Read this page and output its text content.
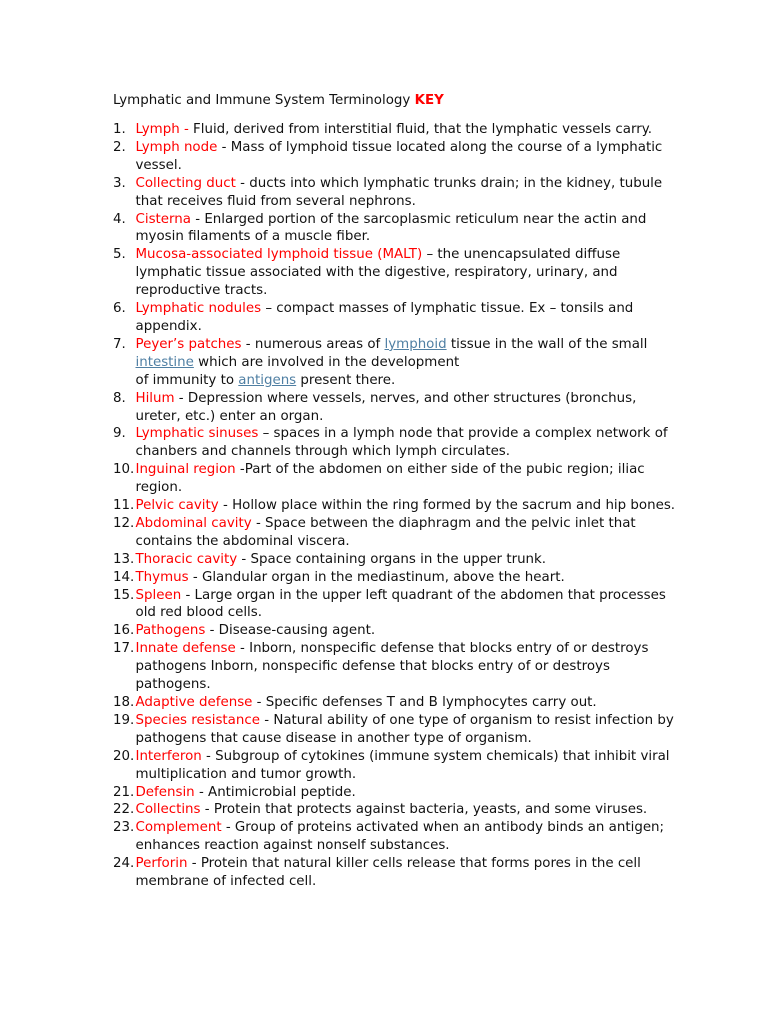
Lymphatic and Immune System Terminology KEY
1. Lymph - Fluid, derived from interstitial fluid, that the lymphatic vessels carry.
2. Lymph node - Mass of lymphoid tissue located along the course of a lymphatic vessel.
3. Collecting duct - ducts into which lymphatic trunks drain; in the kidney, tubule that receives fluid from several nephrons.
4. Cisterna - Enlarged portion of the sarcoplasmic reticulum near the actin and myosin filaments of a muscle fiber.
5. Mucosa-associated lymphoid tissue (MALT) – the unencapsulated diffuse lymphatic tissue associated with the digestive, respiratory, urinary, and reproductive tracts.
6. Lymphatic nodules – compact masses of lymphatic tissue. Ex – tonsils and appendix.
7. Peyer’s patches - numerous areas of lymphoid tissue in the wall of the small intestine which are involved in the development
of immunity to antigens present there.
8. Hilum - Depression where vessels, nerves, and other structures (bronchus, ureter, etc.) enter an organ.
9. Lymphatic sinuses – spaces in a lymph node that provide a complex network of chanbers and channels through which lymph circulates.
10. Inguinal region -Part of the abdomen on either side of the pubic region; iliac region.
11. Pelvic cavity - Hollow place within the ring formed by the sacrum and hip bones.
12. Abdominal cavity - Space between the diaphragm and the pelvic inlet that contains the abdominal viscera.
13. Thoracic cavity - Space containing organs in the upper trunk.
14. Thymus - Glandular organ in the mediastinum, above the heart.
15. Spleen - Large organ in the upper left quadrant of the abdomen that processes old red blood cells.
16. Pathogens - Disease-causing agent.
17. Innate defense - Inborn, nonspecific defense that blocks entry of or destroys pathogens Inborn, nonspecific defense that blocks entry of or destroys pathogens.
18. Adaptive defense - Specific defenses T and B lymphocytes carry out.
19. Species resistance - Natural ability of one type of organism to resist infection by pathogens that cause disease in another type of organism.
20. Interferon - Subgroup of cytokines (immune system chemicals) that inhibit viral multiplication and tumor growth.
21. Defensin - Antimicrobial peptide.
22. Collectins - Protein that protects against bacteria, yeasts, and some viruses.
23. Complement - Group of proteins activated when an antibody binds an antigen; enhances reaction against nonself substances.
24. Perforin - Protein that natural killer cells release that forms pores in the cell membrane of infected cell.
